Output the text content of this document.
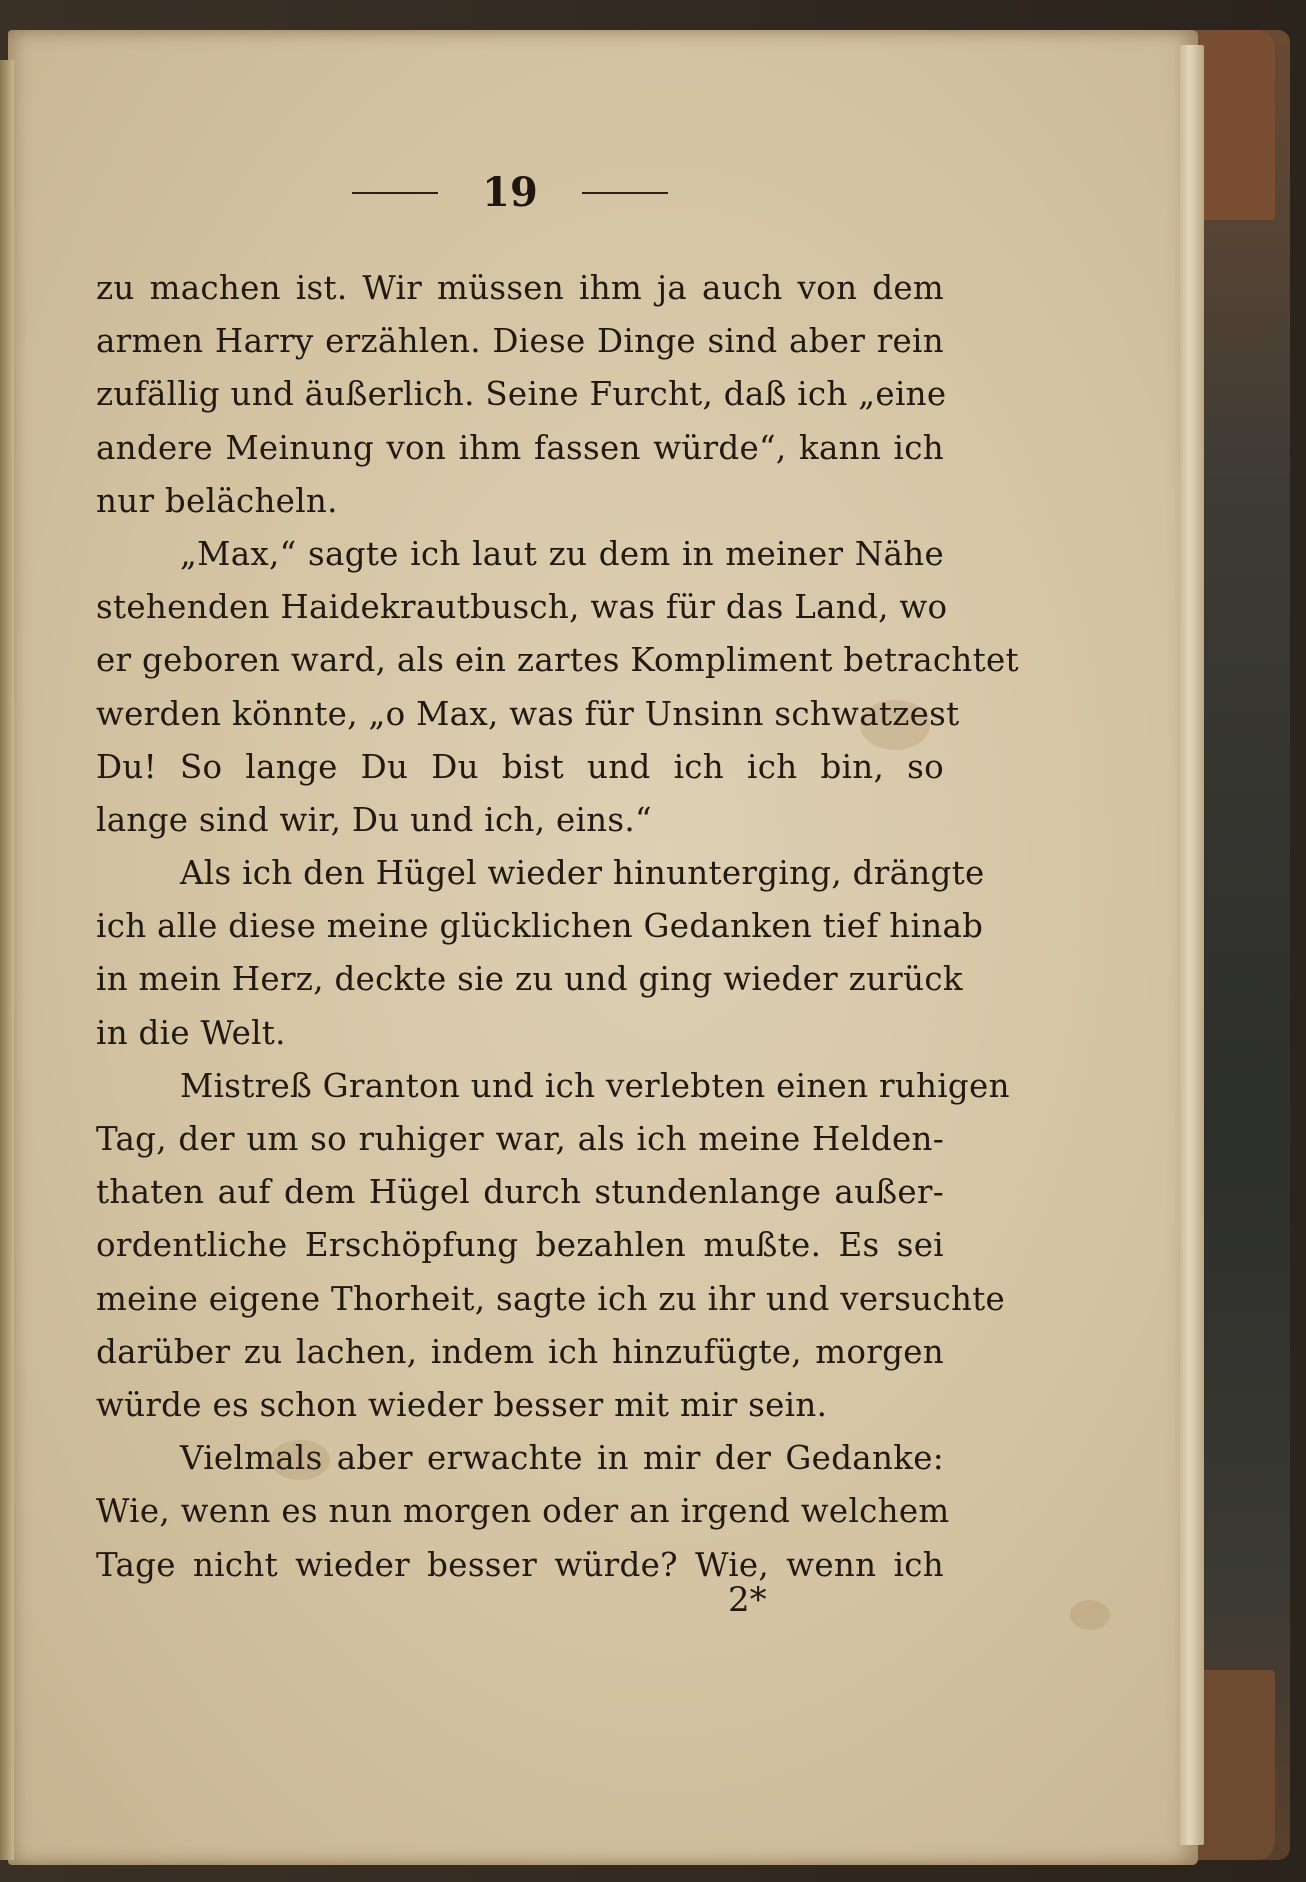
19
zu machen ist. Wir müssen ihm ja auch von dem
armen Harry erzählen. Diese Dinge sind aber rein
zufällig und äußerlich. Seine Furcht, daß ich „eine
andere Meinung von ihm fassen würde“, kann ich
nur belächeln.
„Max,“ sagte ich laut zu dem in meiner Nähe
stehenden Haidekrautbusch, was für das Land, wo
er geboren ward, als ein zartes Kompliment betrachtet
werden könnte, „o Max, was für Unsinn schwatzest
Du! So lange Du Du bist und ich ich bin, so
lange sind wir, Du und ich, eins.“
Als ich den Hügel wieder hinunterging, drängte
ich alle diese meine glücklichen Gedanken tief hinab
in mein Herz, deckte sie zu und ging wieder zurück
in die Welt.
Mistreß Granton und ich verlebten einen ruhigen
Tag, der um so ruhiger war, als ich meine Helden-
thaten auf dem Hügel durch stundenlange außer-
ordentliche Erschöpfung bezahlen mußte. Es sei
meine eigene Thorheit, sagte ich zu ihr und versuchte
darüber zu lachen, indem ich hinzufügte, morgen
würde es schon wieder besser mit mir sein.
Vielmals aber erwachte in mir der Gedanke:
Wie, wenn es nun morgen oder an irgend welchem
Tage nicht wieder besser würde? Wie, wenn ich
2*
